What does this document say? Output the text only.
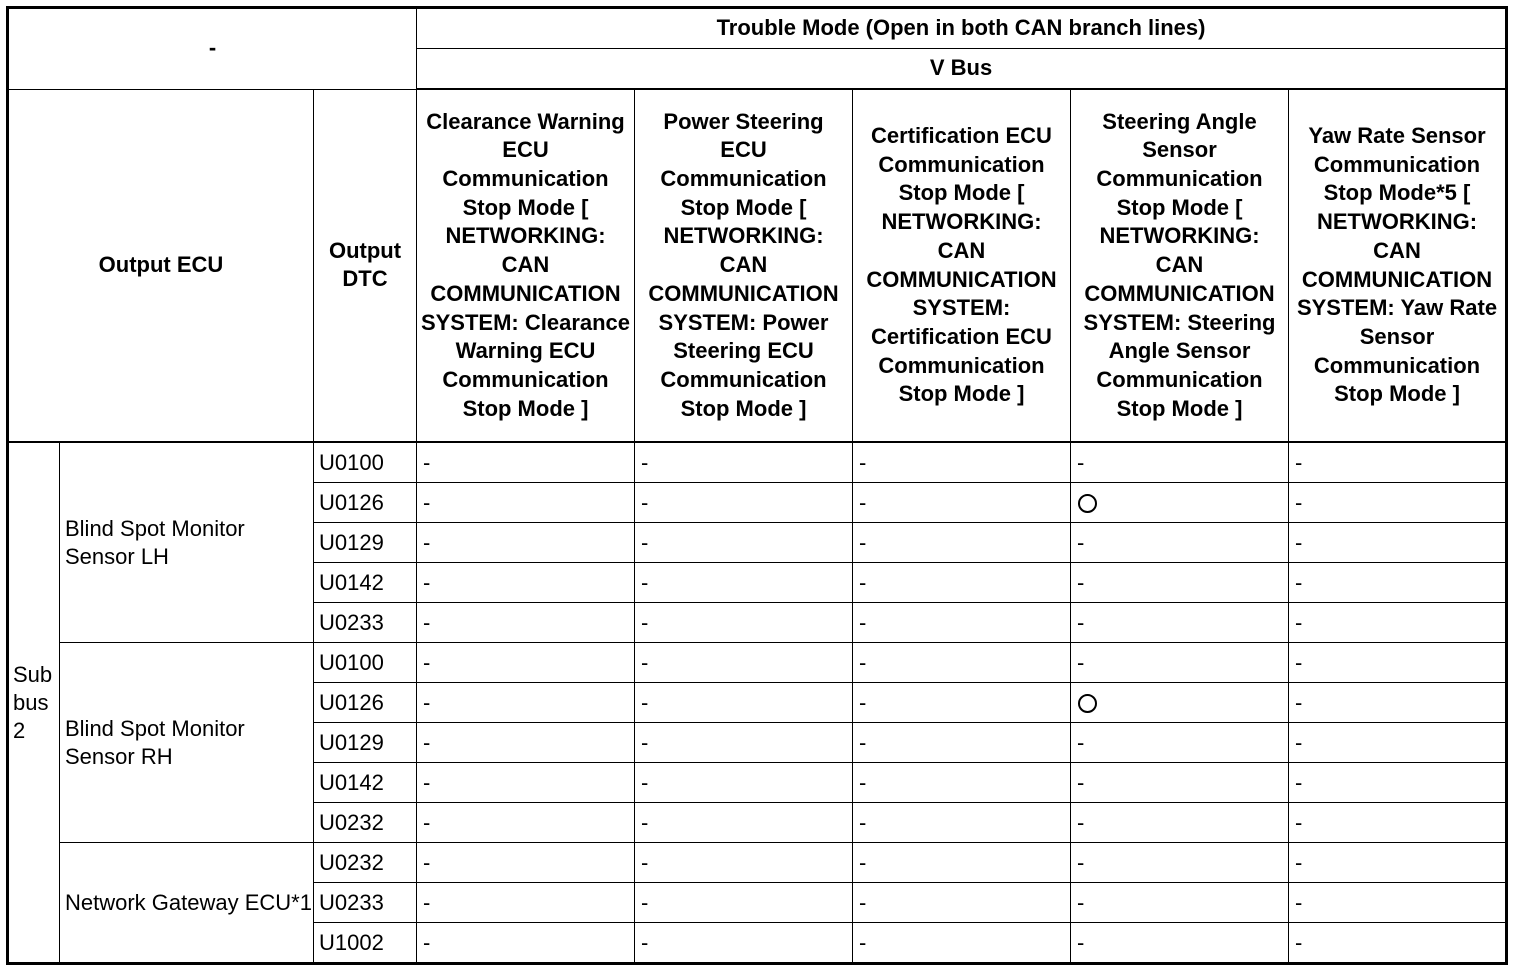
-			Trouble Mode (Open in both CAN branch lines)				
			V Bus				
Output ECU		Output DTC	Clearance Warning ECU Communication Stop Mode [ NETWORKING: CAN COMMUNICATION SYSTEM: Clearance Warning ECU Communication Stop Mode ]	Power Steering ECU Communication Stop Mode [ NETWORKING: CAN COMMUNICATION SYSTEM: Power Steering ECU Communication Stop Mode ]	Certification ECU Communication Stop Mode [ NETWORKING: CAN COMMUNICATION SYSTEM: Certification ECU Communication Stop Mode ]	Steering Angle Sensor Communication Stop Mode [ NETWORKING: CAN COMMUNICATION SYSTEM: Steering Angle Sensor Communication Stop Mode ]	Yaw Rate Sensor Communication Stop Mode*5 [ NETWORKING: CAN COMMUNICATION SYSTEM: Yaw Rate Sensor Communication Stop Mode ]
Sub bus 2	Blind Spot Monitor Sensor LH	U0100	-	-	-	-	-
		U0126	-	-	-		-
		U0129	-	-	-	-	-
		U0142	-	-	-	-	-
		U0233	-	-	-	-	-
	Blind Spot Monitor Sensor RH	U0100	-	-	-	-	-
		U0126	-	-	-		-
		U0129	-	-	-	-	-
		U0142	-	-	-	-	-
		U0232	-	-	-	-	-
	Network Gateway ECU*1	U0232	-	-	-	-	-
		U0233	-	-	-	-	-
		U1002	-	-	-	-	-
